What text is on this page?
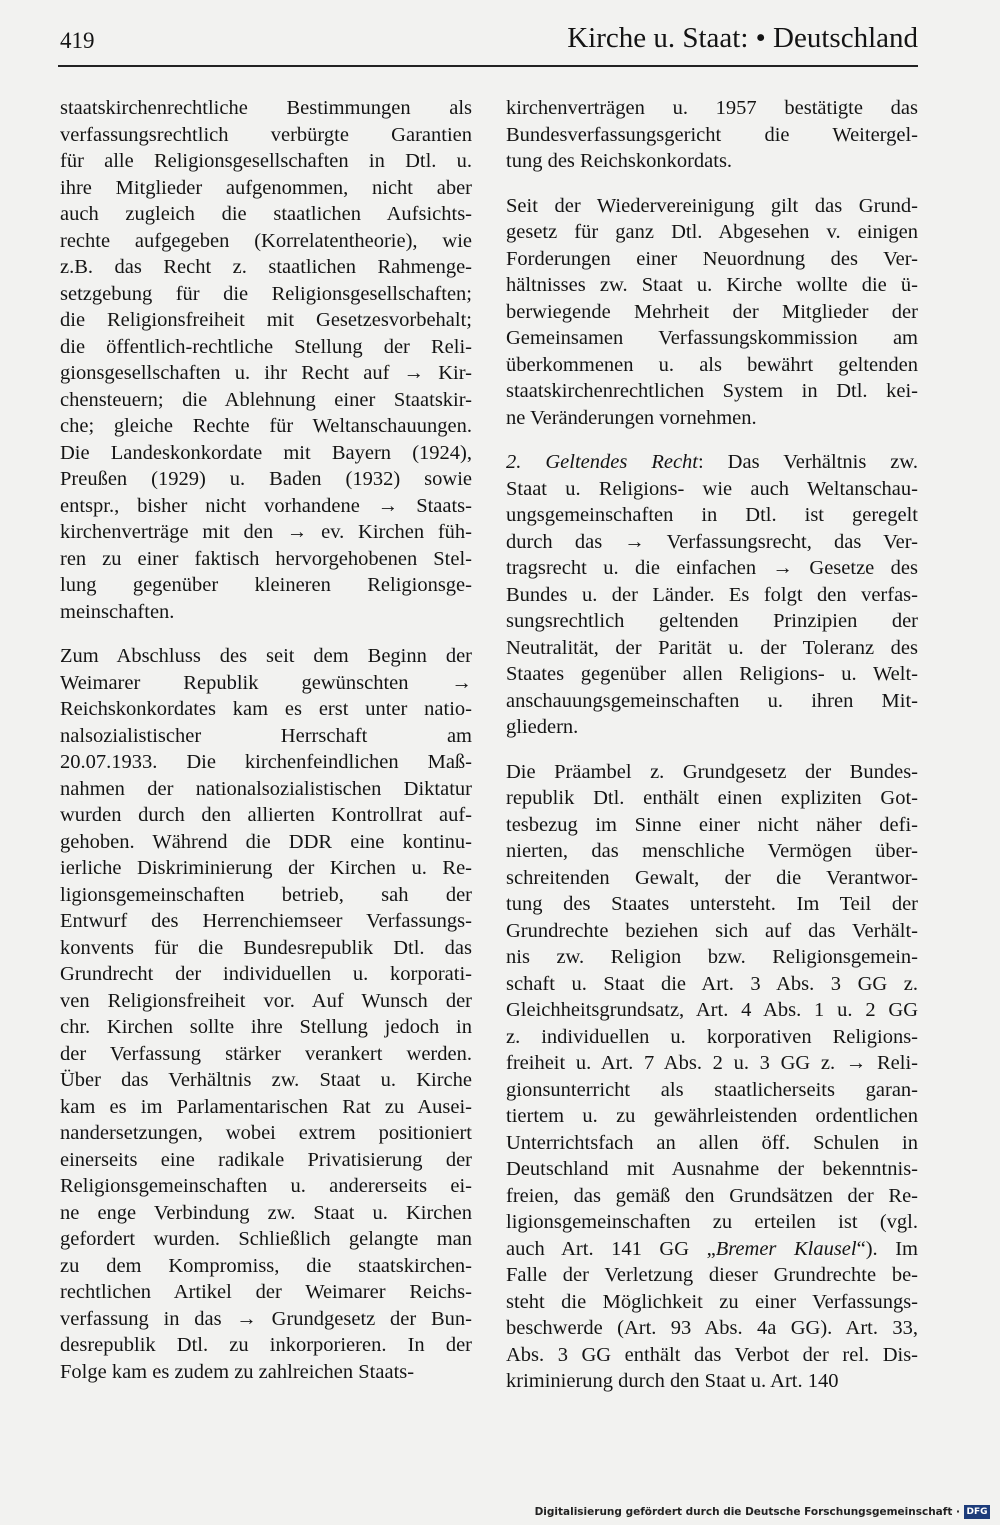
419	Kirche u. Staat: • Deutschland

staatskirchenrechtliche Bestimmungen als
verfassungsrechtlich verbürgte Garantien
für alle Religionsgesellschaften in Dtl. u.
ihre Mitglieder aufgenommen, nicht aber
auch zugleich die staatlichen Aufsichts-
rechte aufgegeben (Korrelatentheorie), wie
z.B. das Recht z. staatlichen Rahmenge-
setzgebung für die Religionsgesellschaften;
die Religionsfreiheit mit Gesetzesvorbehalt;
die öffentlich-rechtliche Stellung der Reli-
gionsgesellschaften u. ihr Recht auf → Kir-
chensteuern; die Ablehnung einer Staatskir-
che; gleiche Rechte für Weltanschauungen.
Die Landeskonkordate mit Bayern (1924),
Preußen (1929) u. Baden (1932) sowie
entspr., bisher nicht vorhandene → Staats-
kirchenverträge mit den → ev. Kirchen füh-
ren zu einer faktisch hervorgehobenen Stel-
lung gegenüber kleineren Religionsge-
meinschaften.

Zum Abschluss des seit dem Beginn der
Weimarer Republik gewünschten →
Reichskonkordates kam es erst unter natio-
nalsozialistischer Herrschaft am
20.07.1933. Die kirchenfeindlichen Maß-
nahmen der nationalsozialistischen Diktatur
wurden durch den allierten Kontrollrat auf-
gehoben. Während die DDR eine kontinu-
ierliche Diskriminierung der Kirchen u. Re-
ligionsgemeinschaften betrieb, sah der
Entwurf des Herrenchiemseer Verfassungs-
konvents für die Bundesrepublik Dtl. das
Grundrecht der individuellen u. korporati-
ven Religionsfreiheit vor. Auf Wunsch der
chr. Kirchen sollte ihre Stellung jedoch in
der Verfassung stärker verankert werden.
Über das Verhältnis zw. Staat u. Kirche
kam es im Parlamentarischen Rat zu Ausei-
nandersetzungen, wobei extrem positioniert
einerseits eine radikale Privatisierung der
Religionsgemeinschaften u. andererseits ei-
ne enge Verbindung zw. Staat u. Kirchen
gefordert wurden. Schließlich gelangte man
zu dem Kompromiss, die staatskirchen-
rechtlichen Artikel der Weimarer Reichs-
verfassung in das → Grundgesetz der Bun-
desrepublik Dtl. zu inkorporieren. In der
Folge kam es zudem zu zahlreichen Staats-

kirchenverträgen u. 1957 bestätigte das
Bundesverfassungsgericht die Weitergel-
tung des Reichskonkordats.

Seit der Wiedervereinigung gilt das Grund-
gesetz für ganz Dtl. Abgesehen v. einigen
Forderungen einer Neuordnung des Ver-
hältnisses zw. Staat u. Kirche wollte die ü-
berwiegende Mehrheit der Mitglieder der
Gemeinsamen Verfassungskommission am
überkommenen u. als bewährt geltenden
staatskirchenrechtlichen System in Dtl. kei-
ne Veränderungen vornehmen.

2. Geltendes Recht: Das Verhältnis zw.
Staat u. Religions- wie auch Weltanschau-
ungsgemeinschaften in Dtl. ist geregelt
durch das → Verfassungsrecht, das Ver-
tragsrecht u. die einfachen → Gesetze des
Bundes u. der Länder. Es folgt den verfas-
sungsrechtlich geltenden Prinzipien der
Neutralität, der Parität u. der Toleranz des
Staates gegenüber allen Religions- u. Welt-
anschauungsgemeinschaften u. ihren Mit-
gliedern.

Die Präambel z. Grundgesetz der Bundes-
republik Dtl. enthält einen expliziten Got-
tesbezug im Sinne einer nicht näher defi-
nierten, das menschliche Vermögen über-
schreitenden Gewalt, der die Verantwor-
tung des Staates untersteht. Im Teil der
Grundrechte beziehen sich auf das Verhält-
nis zw. Religion bzw. Religionsgemein-
schaft u. Staat die Art. 3 Abs. 3 GG z.
Gleichheitsgrundsatz, Art. 4 Abs. 1 u. 2 GG
z. individuellen u. korporativen Religions-
freiheit u. Art. 7 Abs. 2 u. 3 GG z. → Reli-
gionsunterricht als staatlicherseits garan-
tiertem u. zu gewährleistenden ordentlichen
Unterrichtsfach an allen öff. Schulen in
Deutschland mit Ausnahme der bekenntnis-
freien, das gemäß den Grundsätzen der Re-
ligionsgemeinschaften zu erteilen ist (vgl.
auch Art. 141 GG „Bremer Klausel“). Im
Falle der Verletzung dieser Grundrechte be-
steht die Möglichkeit zu einer Verfassungs-
beschwerde (Art. 93 Abs. 4a GG). Art. 33,
Abs. 3 GG enthält das Verbot der rel. Dis-
kriminierung durch den Staat u. Art. 140

Digitalisierung gefördert durch die Deutsche Forschungsgemeinschaft · DFG
